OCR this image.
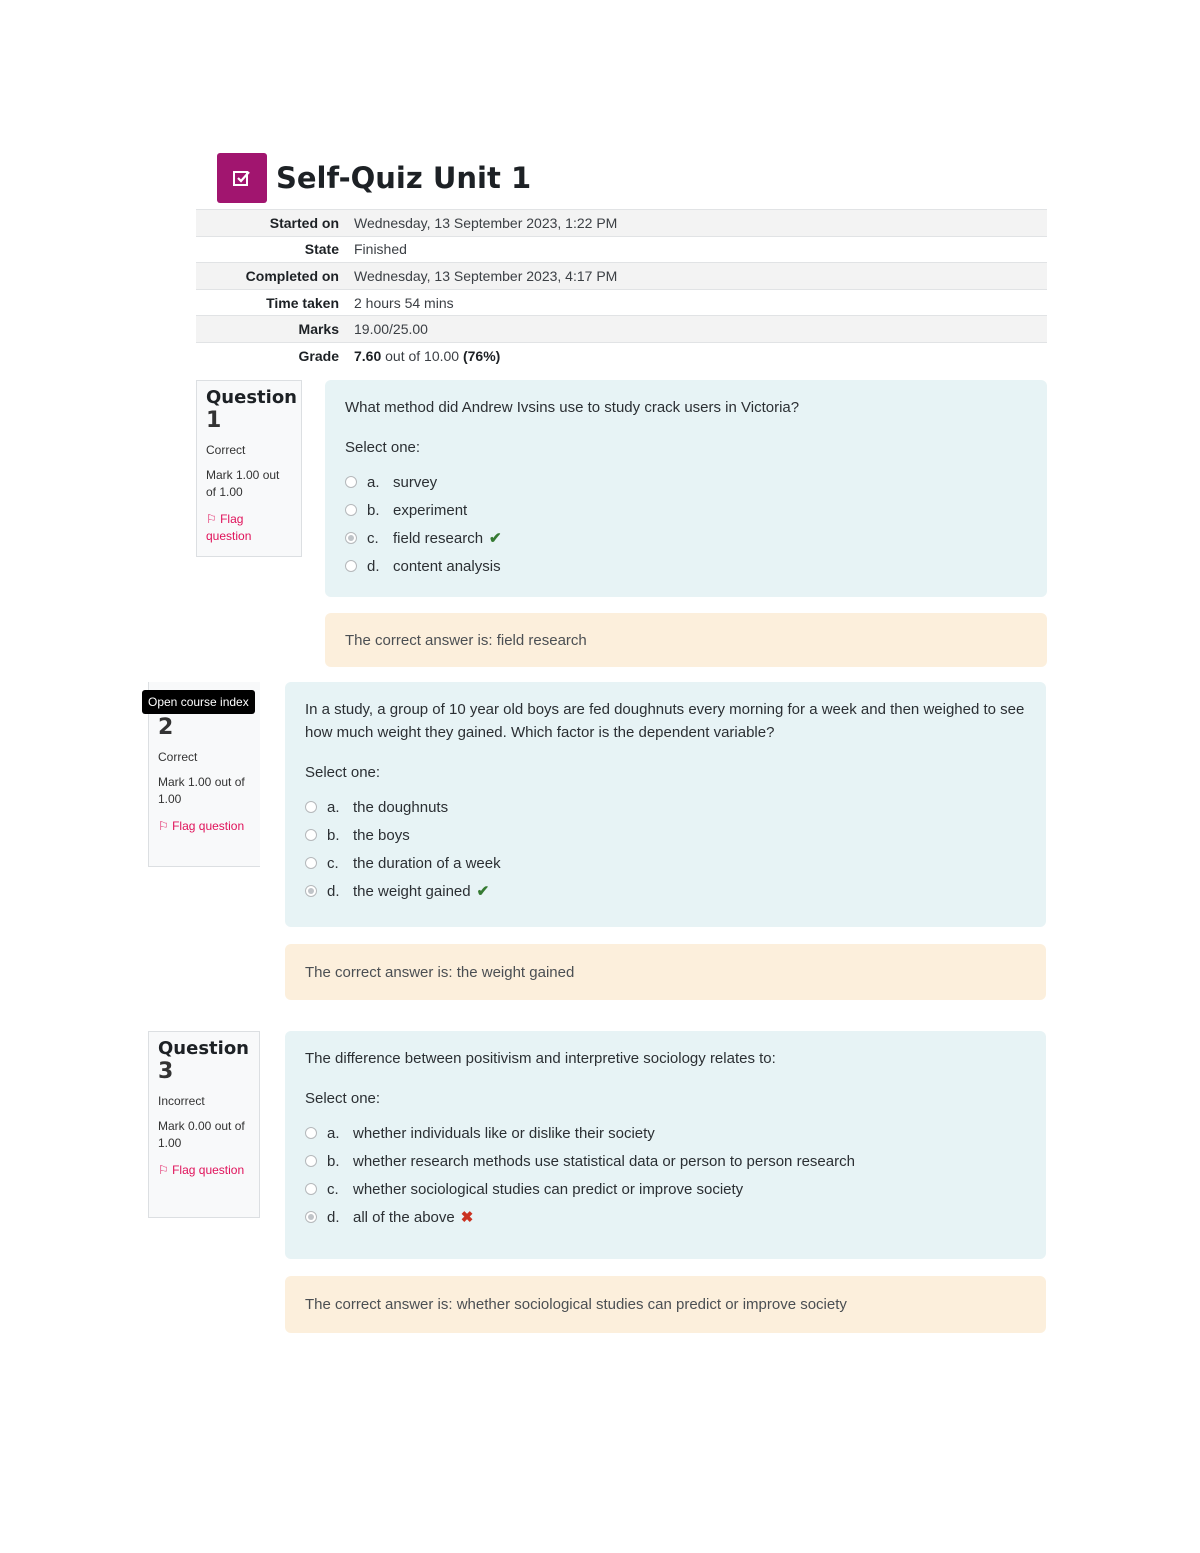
Self-Quiz Unit 1
Started on	Wednesday, 13 September 2023, 1:22 PM
State	Finished
Completed on	Wednesday, 13 September 2023, 4:17 PM
Time taken	2 hours 54 mins
Marks	19.00/25.00
Grade	7.60 out of 10.00 (76%)
Question
1
Correct
Mark 1.00 out of 1.00
⚐ Flag question
What method did Andrew Ivsins use to study crack users in Victoria?
Select one:
a. survey
b. experiment
c. field research ✔
d. content analysis
The correct answer is: field research
Open course index
2
Correct
Mark 1.00 out of 1.00
⚐ Flag question
In a study, a group of 10 year old boys are fed doughnuts every morning for a week and then weighed to see how much weight they gained. Which factor is the dependent variable?
Select one:
a. the doughnuts
b. the boys
c. the duration of a week
d. the weight gained ✔
The correct answer is: the weight gained
Question
3
Incorrect
Mark 0.00 out of 1.00
⚐ Flag question
The difference between positivism and interpretive sociology relates to:
Select one:
a. whether individuals like or dislike their society
b. whether research methods use statistical data or person to person research
c. whether sociological studies can predict or improve society
d. all of the above ✖
The correct answer is: whether sociological studies can predict or improve society
